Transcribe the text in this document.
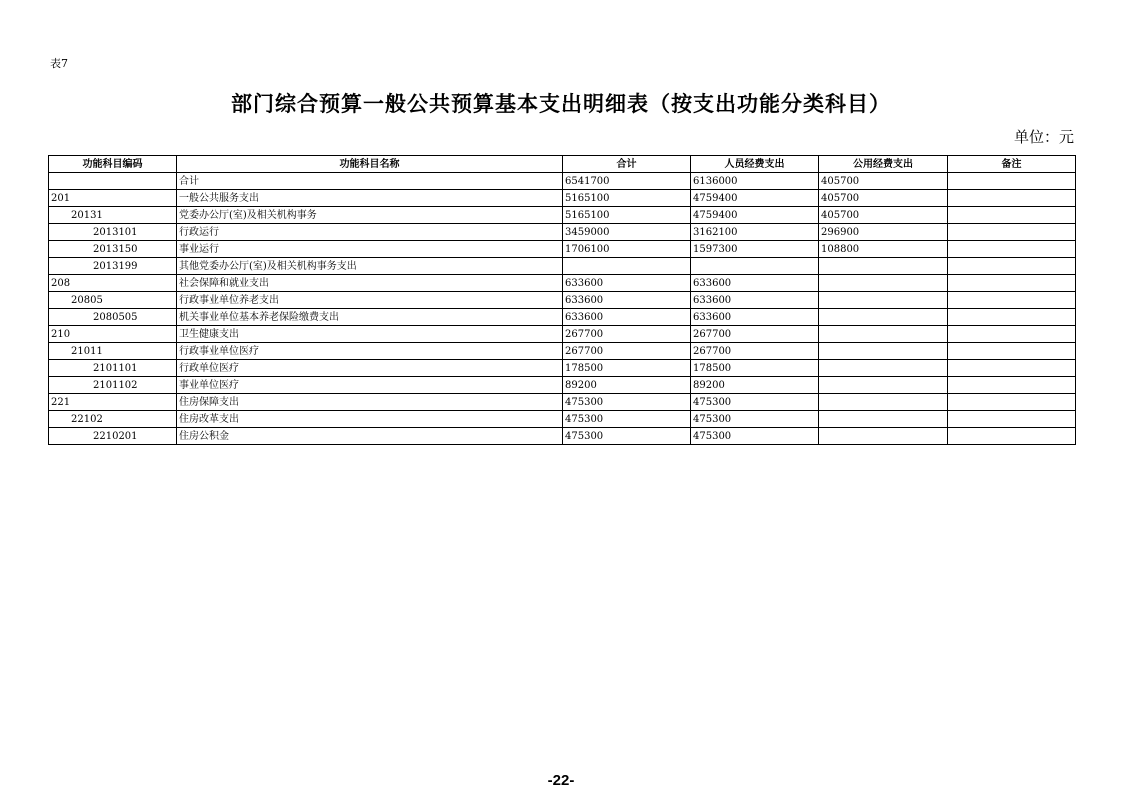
表7
部门综合预算一般公共预算基本支出明细表（按支出功能分类科目）
单位：元
功能科目编码	功能科目名称	合计	人员经费支出	公用经费支出	备注
	合计	6541700	6136000	405700	
201	一般公共服务支出	5165100	4759400	405700	
20131	党委办公厅(室)及相关机构事务	5165100	4759400	405700	
2013101	行政运行	3459000	3162100	296900	
2013150	事业运行	1706100	1597300	108800	
2013199	其他党委办公厅(室)及相关机构事务支出				
208	社会保障和就业支出	633600	633600		
20805	行政事业单位养老支出	633600	633600		
2080505	机关事业单位基本养老保险缴费支出	633600	633600		
210	卫生健康支出	267700	267700		
21011	行政事业单位医疗	267700	267700		
2101101	行政单位医疗	178500	178500		
2101102	事业单位医疗	89200	89200		
221	住房保障支出	475300	475300		
22102	住房改革支出	475300	475300		
2210201	住房公积金	475300	475300		
-22-
